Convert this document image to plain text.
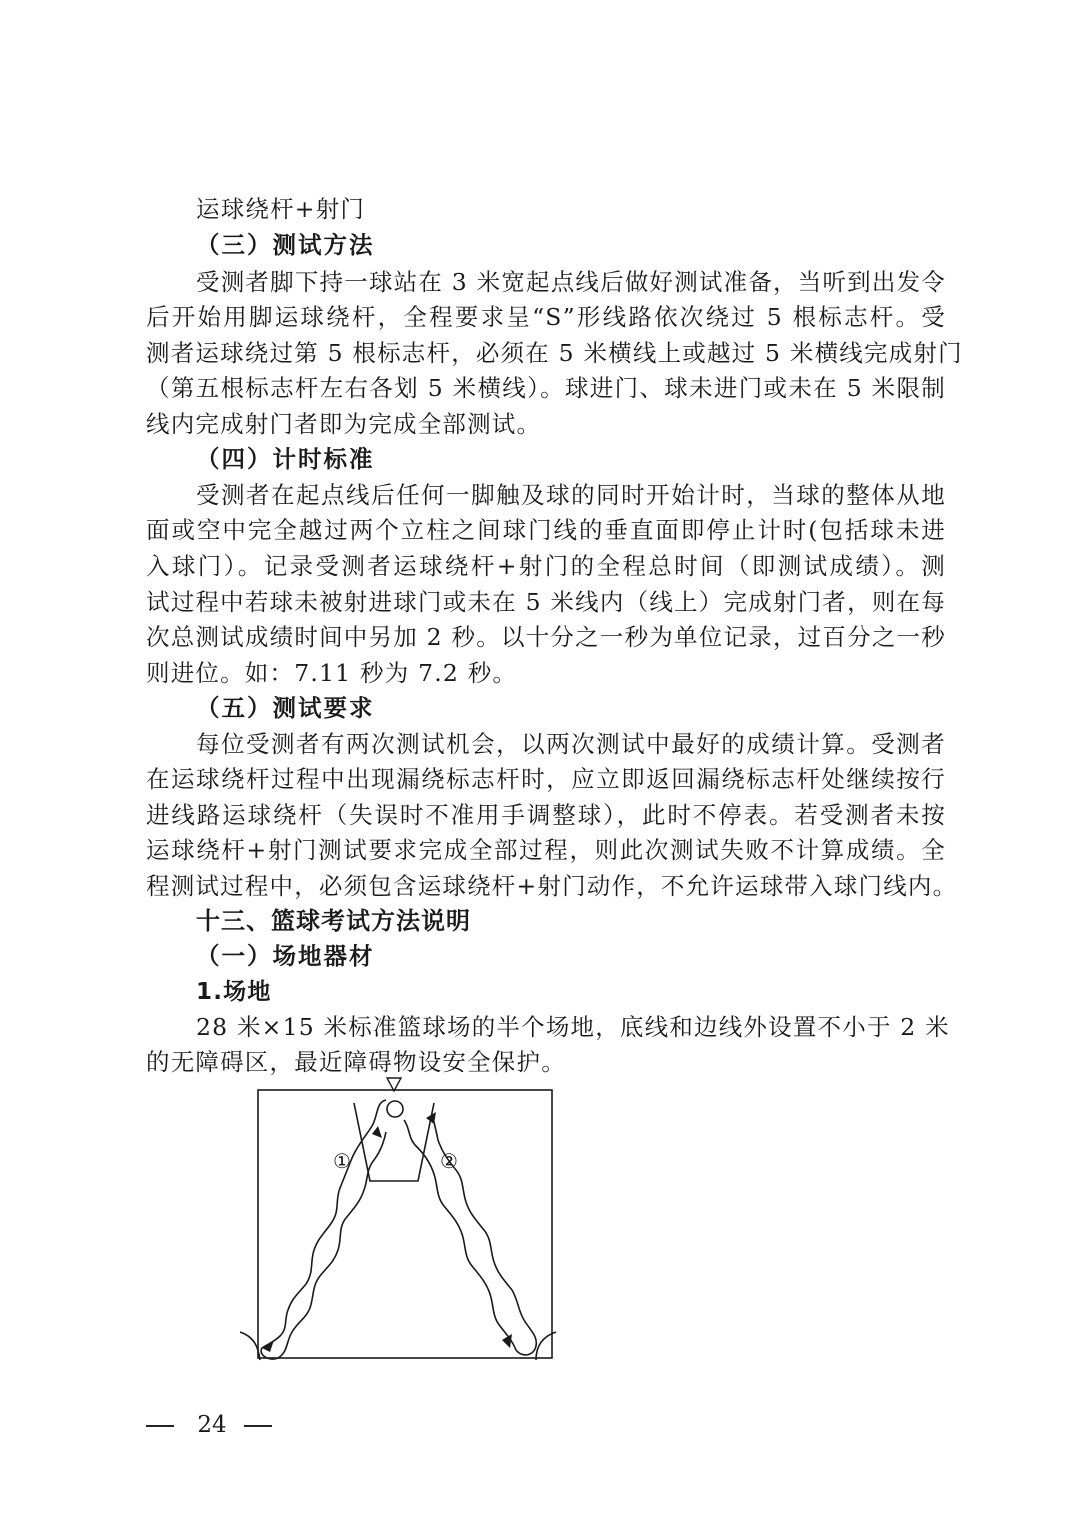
运球绕杆+射门
（三）测试方法
受测者脚下持一球站在 3 米宽起点线后做好测试准备，当听到出发令
后开始用脚运球绕杆，全程要求呈“S”形线路依次绕过 5 根标志杆。受
测者运球绕过第 5 根标志杆，必须在 5 米横线上或越过 5 米横线完成射门
（第五根标志杆左右各划 5 米横线）。球进门、球未进门或未在 5 米限制
线内完成射门者即为完成全部测试。
（四）计时标准
受测者在起点线后任何一脚触及球的同时开始计时，当球的整体从地
面或空中完全越过两个立柱之间球门线的垂直面即停止计时(包括球未进
入球门）。记录受测者运球绕杆+射门的全程总时间（即测试成绩）。测
试过程中若球未被射进球门或未在 5 米线内（线上）完成射门者，则在每
次总测试成绩时间中另加 2 秒。以十分之一秒为单位记录，过百分之一秒
则进位。如：7.11 秒为 7.2 秒。
（五）测试要求
每位受测者有两次测试机会，以两次测试中最好的成绩计算。受测者
在运球绕杆过程中出现漏绕标志杆时，应立即返回漏绕标志杆处继续按行
进线路运球绕杆（失误时不准用手调整球），此时不停表。若受测者未按
运球绕杆+射门测试要求完成全部过程，则此次测试失败不计算成绩。全
程测试过程中，必须包含运球绕杆+射门动作，不允许运球带入球门线内。
十三、篮球考试方法说明
（一）场地器材
1.场地
28 米×15 米标准篮球场的半个场地，底线和边线外设置不小于 2 米
的无障碍区，最近障碍物设安全保护。
①	②
24
